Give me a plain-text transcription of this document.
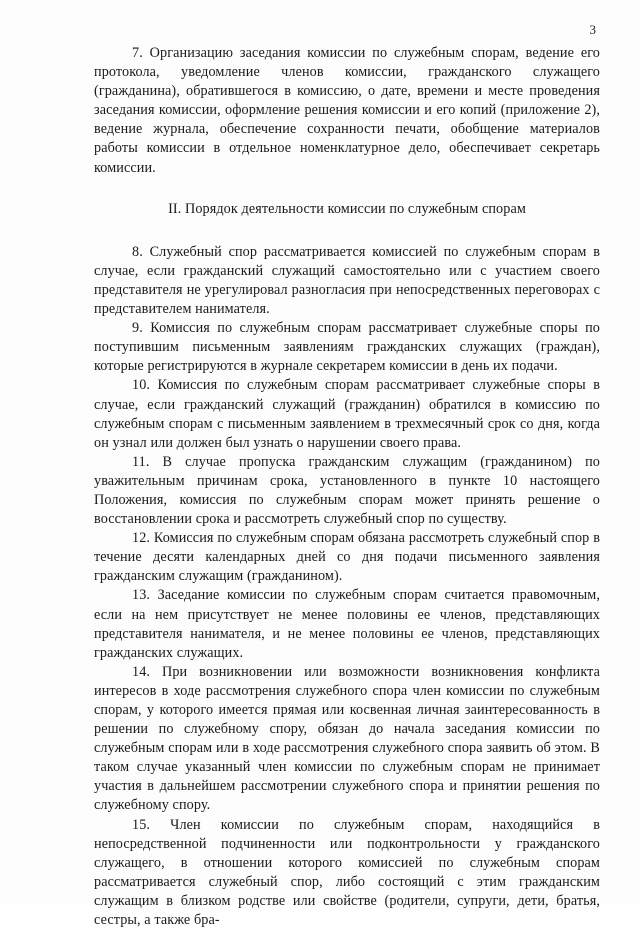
3

7. Организацию заседания комиссии по служебным спорам, ведение его протокола, уведомление членов комиссии, гражданского служащего (гражданина), обратившегося в комиссию, о дате, времени и месте проведения заседания комиссии, оформление решения комиссии и его копий (приложение 2), ведение журнала, обеспечение сохранности печати, обобщение материалов работы комиссии в отдельное номенклатурное дело, обеспечивает секретарь комиссии.

II. Порядок деятельности комиссии по служебным спорам

8. Служебный спор рассматривается комиссией по служебным спорам в случае, если гражданский служащий самостоятельно или с участием своего представителя не урегулировал разногласия при непосредственных переговорах с представителем нанимателя.

9. Комиссия по служебным спорам рассматривает служебные споры по поступившим письменным заявлениям гражданских служащих (граждан), которые регистрируются в журнале секретарем комиссии в день их подачи.

10. Комиссия по служебным спорам рассматривает служебные споры в случае, если гражданский служащий (гражданин) обратился в комиссию по служебным спорам с письменным заявлением в трехмесячный срок со дня, когда он узнал или должен был узнать о нарушении своего права.

11. В случае пропуска гражданским служащим (гражданином) по уважительным причинам срока, установленного в пункте 10 настоящего Положения, комиссия по служебным спорам может принять решение о восстановлении срока и рассмотреть служебный спор по существу.

12. Комиссия по служебным спорам обязана рассмотреть служебный спор в течение десяти календарных дней со дня подачи письменного заявления гражданским служащим (гражданином).

13. Заседание комиссии по служебным спорам считается правомочным, если на нем присутствует не менее половины ее членов, представляющих представителя нанимателя, и не менее половины ее членов, представляющих гражданских служащих.

14. При возникновении или возможности возникновения конфликта интересов в ходе рассмотрения служебного спора член комиссии по служебным спорам, у которого имеется прямая или косвенная личная заинтересованность в решении по служебному спору, обязан до начала заседания комиссии по служебным спорам или в ходе рассмотрения служебного спора заявить об этом. В таком случае указанный член комиссии по служебным спорам не принимает участия в дальнейшем рассмотрении служебного спора и принятии решения по служебному спору.

15. Член комиссии по служебным спорам, находящийся в непосредственной подчиненности или подконтрольности у гражданского служащего, в отношении которого комиссией по служебным спорам рассматривается служебный спор, либо состоящий с этим гражданским служащим в близком родстве или свойстве (родители, супруги, дети, братья, сестры, а также бра-
